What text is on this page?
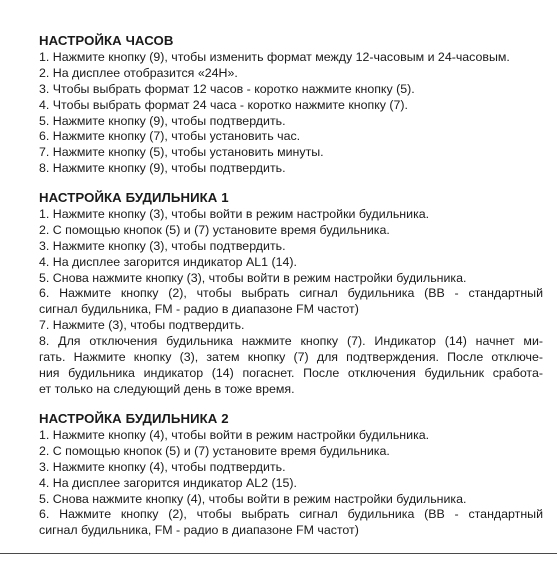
НАСТРОЙКА ЧАСОВ
1. Нажмите кнопку (9), чтобы изменить формат между 12-часовым и 24-часовым.
2. На дисплее отобразится «24H».
3. Чтобы выбрать формат 12 часов - коротко нажмите кнопку (5).
4. Чтобы выбрать формат 24 часа - коротко нажмите кнопку (7).
5. Нажмите кнопку (9), чтобы подтвердить.
6. Нажмите кнопку (7), чтобы установить час.
7. Нажмите кнопку (5), чтобы установить минуты.
8. Нажмите кнопку (9), чтобы подтвердить.
НАСТРОЙКА БУДИЛЬНИКА 1
1. Нажмите кнопку (3), чтобы войти в режим настройки будильника.
2. С помощью кнопок (5) и (7) установите время будильника.
3. Нажмите кнопку (3), чтобы подтвердить.
4. На дисплее загорится индикатор AL1 (14).
5. Снова нажмите кнопку (3), чтобы войти в режим настройки будильника.
6. Нажмите кнопку (2), чтобы выбрать сигнал будильника (BB - стандартный
сигнал будильника, FM - радио в диапазоне FM частот)
7. Нажмите (3), чтобы подтвердить.
8. Для отключения будильника нажмите кнопку (7). Индикатор (14) начнет ми-
гать. Нажмите кнопку (3), затем кнопку (7) для подтверждения. После отключе-
ния будильника индикатор (14) погаснет. После отключения будильник сработа-
ет только на следующий день в тоже время.
НАСТРОЙКА БУДИЛЬНИКА 2
1. Нажмите кнопку (4), чтобы войти в режим настройки будильника.
2. С помощью кнопок (5) и (7) установите время будильника.
3. Нажмите кнопку (4), чтобы подтвердить.
4. На дисплее загорится индикатор AL2 (15).
5. Снова нажмите кнопку (4), чтобы войти в режим настройки будильника.
6. Нажмите кнопку (2), чтобы выбрать сигнал будильника (BB - стандартный
сигнал будильника, FM - радио в диапазоне FM частот)
